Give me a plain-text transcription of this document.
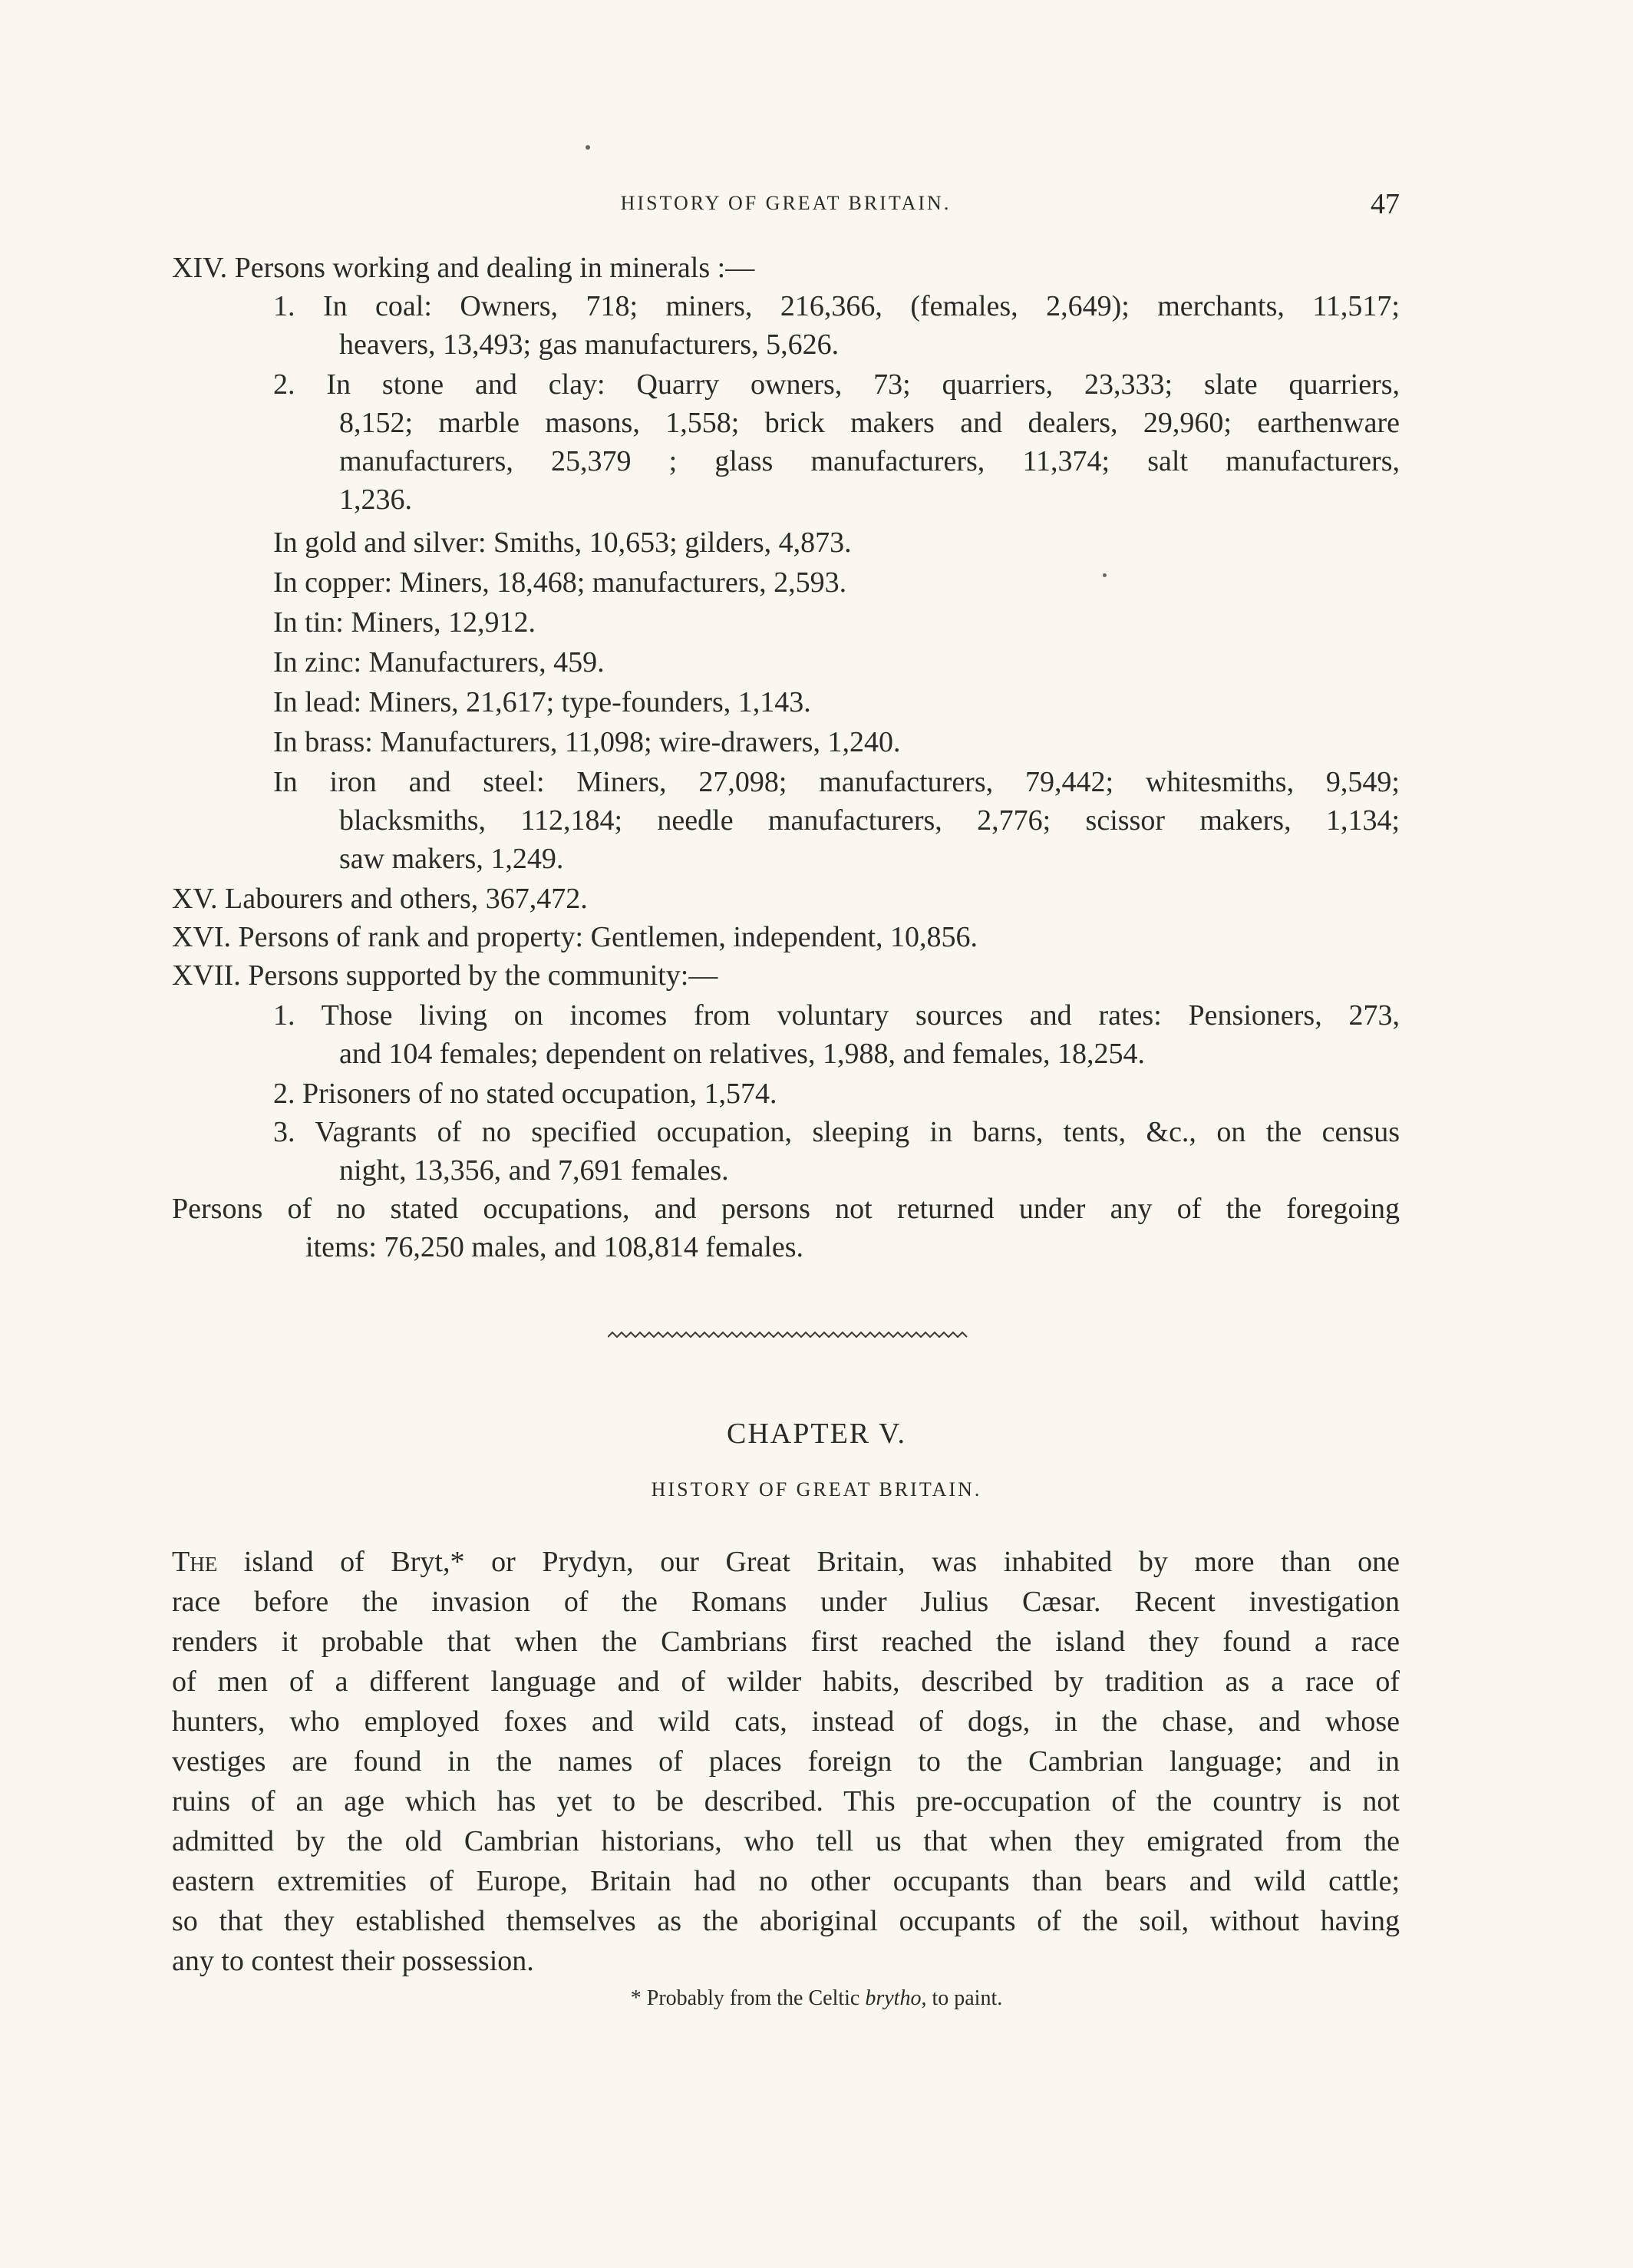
HISTORY OF GREAT BRITAIN.	47
XIV. Persons working and dealing in minerals :—
1. In coal: Owners, 718; miners, 216,366, (females, 2,649); merchants, 11,517;
heavers, 13,493; gas manufacturers, 5,626.
2. In stone and clay: Quarry owners, 73; quarriers, 23,333; slate quarriers,
8,152; marble masons, 1,558; brick makers and dealers, 29,960; earthenware
manufacturers, 25,379 ; glass manufacturers, 11,374; salt manufacturers,
1,236.
In gold and silver: Smiths, 10,653; gilders, 4,873.
In copper: Miners, 18,468; manufacturers, 2,593.
In tin: Miners, 12,912.
In zinc: Manufacturers, 459.
In lead: Miners, 21,617; type-founders, 1,143.
In brass: Manufacturers, 11,098; wire-drawers, 1,240.
In iron and steel: Miners, 27,098; manufacturers, 79,442; whitesmiths, 9,549;
blacksmiths, 112,184; needle manufacturers, 2,776; scissor makers, 1,134;
saw makers, 1,249.
XV. Labourers and others, 367,472.
XVI. Persons of rank and property: Gentlemen, independent, 10,856.
XVII. Persons supported by the community:—
1. Those living on incomes from voluntary sources and rates: Pensioners, 273,
and 104 females; dependent on relatives, 1,988, and females, 18,254.
2. Prisoners of no stated occupation, 1,574.
3. Vagrants of no specified occupation, sleeping in barns, tents, &c., on the census
night, 13,356, and 7,691 females.
Persons of no stated occupations, and persons not returned under any of the foregoing
items: 76,250 males, and 108,814 females.
CHAPTER V.
HISTORY OF GREAT BRITAIN.
The island of Bryt,* or Prydyn, our Great Britain, was inhabited by more than one
race before the invasion of the Romans under Julius Cæsar. Recent investigation
renders it probable that when the Cambrians first reached the island they found a race
of men of a different language and of wilder habits, described by tradition as a race of
hunters, who employed foxes and wild cats, instead of dogs, in the chase, and whose
vestiges are found in the names of places foreign to the Cambrian language; and in
ruins of an age which has yet to be described. This pre-occupation of the country is not
admitted by the old Cambrian historians, who tell us that when they emigrated from the
eastern extremities of Europe, Britain had no other occupants than bears and wild cattle;
so that they established themselves as the aboriginal occupants of the soil, without having
any to contest their possession.
* Probably from the Celtic brytho, to paint.
